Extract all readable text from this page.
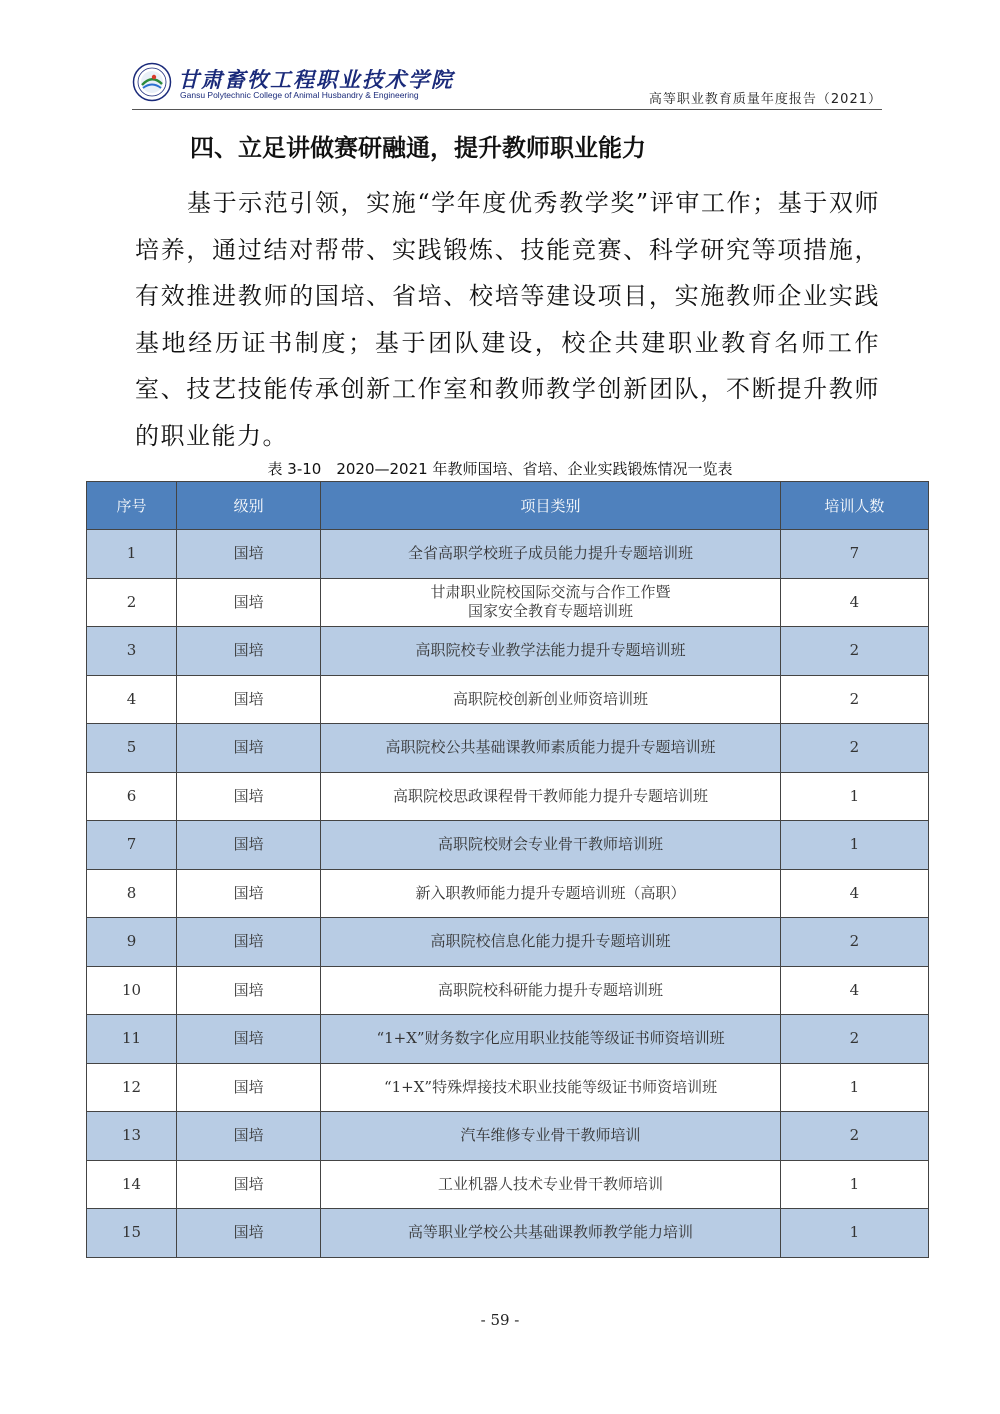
甘肃畜牧工程职业技术学院
Gansu Polytechnic College of Animal Husbandry & Engineering	高等职业教育质量年度报告（2021）
四、立足讲做赛研融通，提升教师职业能力
基于示范引领，实施“学年度优秀教学奖”评审工作；基于双师培养，通过结对帮带、实践锻炼、技能竞赛、科学研究等项措施，有效推进教师的国培、省培、校培等建设项目，实施教师企业实践基地经历证书制度；基于团队建设，校企共建职业教育名师工作室、技艺技能传承创新工作室和教师教学创新团队，不断提升教师的职业能力。
表 3-10　2020—2021 年教师国培、省培、企业实践锻炼情况一览表
序号	级别	项目类别	培训人数
1	国培	全省高职学校班子成员能力提升专题培训班	7
2	国培	甘肃职业院校国际交流与合作工作暨
国家安全教育专题培训班	4
3	国培	高职院校专业教学法能力提升专题培训班	2
4	国培	高职院校创新创业师资培训班	2
5	国培	高职院校公共基础课教师素质能力提升专题培训班	2
6	国培	高职院校思政课程骨干教师能力提升专题培训班	1
7	国培	高职院校财会专业骨干教师培训班	1
8	国培	新入职教师能力提升专题培训班（高职）	4
9	国培	高职院校信息化能力提升专题培训班	2
10	国培	高职院校科研能力提升专题培训班	4
11	国培	“1+X”财务数字化应用职业技能等级证书师资培训班	2
12	国培	“1+X”特殊焊接技术职业技能等级证书师资培训班	1
13	国培	汽车维修专业骨干教师培训	2
14	国培	工业机器人技术专业骨干教师培训	1
15	国培	高等职业学校公共基础课教师教学能力培训	1
- 59 -
